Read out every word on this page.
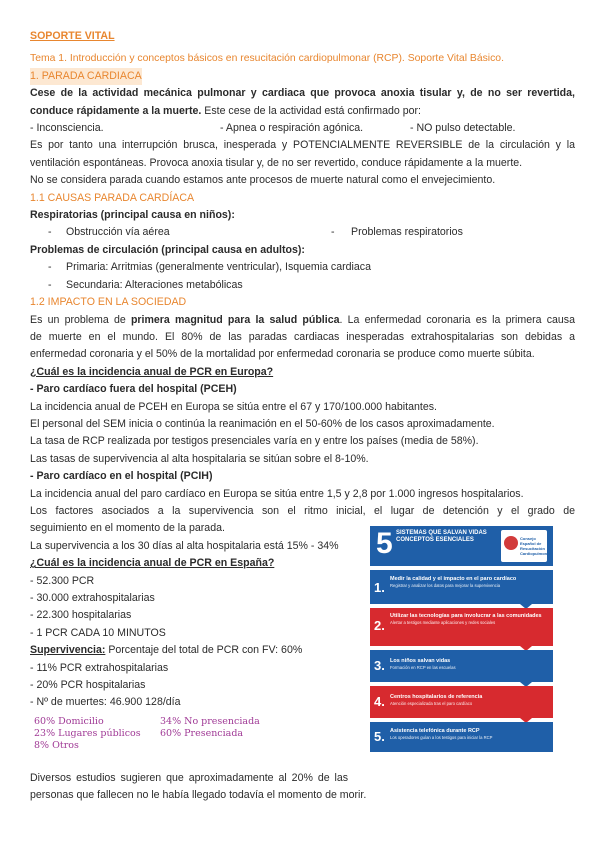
SOPORTE VITAL
Tema 1. Introducción y conceptos básicos en resucitación cardiopulmonar (RCP). Soporte Vital Básico.
1. PARADA CARDIACA
Cese de la actividad mecánica pulmonar y cardiaca que provoca anoxia tisular y, de no ser revertida, conduce rápidamente a la muerte. Este cese de la actividad está confirmado por:
- Inconsciencia.	- Apnea o respiración agónica.	- NO pulso detectable.
Es por tanto una interrupción brusca, inesperada y POTENCIALMENTE REVERSIBLE de la circulación y la
ventilación espontáneas. Provoca anoxia tisular y, de no ser revertido, conduce rápidamente a la muerte.
No se considera parada cuando estamos ante procesos de muerte natural como el envejecimiento.
1.1 CAUSAS PARADA CARDÍACA
Respiratorias (principal causa en niños):
- Obstrucción vía aérea	- Problemas respiratorios
Problemas de circulación (principal causa en adultos):
- Primaria: Arritmias (generalmente ventricular), Isquemia cardiaca
- Secundaria: Alteraciones metabólicas
1.2 IMPACTO EN LA SOCIEDAD
Es un problema de primera magnitud para la salud pública. La enfermedad coronaria es la primera causa
de muerte en el mundo. El 80% de las paradas cardiacas inesperadas extrahospitalarias son debidas a
enfermedad coronaria y el 50% de la mortalidad por enfermedad coronaria se produce como muerte súbita.
¿Cuál es la incidencia anual de PCR en Europa?
- Paro cardíaco fuera del hospital (PCEH)
La incidencia anual de PCEH en Europa se sitúa entre el 67 y 170/100.000 habitantes.
El personal del SEM inicia o continúa la reanimación en el 50-60% de los casos aproximadamente.
La tasa de RCP realizada por testigos presenciales varía en y entre los países (media de 58%).
Las tasas de supervivencia al alta hospitalaria se sitúan sobre el 8-10%.
- Paro cardíaco en el hospital (PCIH)
La incidencia anual del paro cardíaco en Europa se sitúa entre 1,5 y 2,8 por 1.000 ingresos hospitalarios.
Los factores asociados a la supervivencia son el ritmo inicial, el lugar de detención y el grado de
seguimiento en el momento de la parada.
La supervivencia a los 30 días al alta hospitalaria está 15% - 34%
¿Cuál es la incidencia anual de PCR en España?
- 52.300 PCR
- 30.000 extrahospitalarias
- 22.300 hospitalarias
- 1 PCR CADA 10 MINUTOS
Supervivencia: Porcentaje del total de PCR con FV: 60%
- 11% PCR extrahospitalarias
- 20% PCR hospitalarias
- Nº de muertes: 46.900 128/día
60% Domicilio
23% Lugares públicos
8% Otros
34% No presenciada
60% Presenciada
Diversos estudios sugieren que aproximadamente al 20% de las
personas que fallecen no le había llegado todavía el momento de morir.
5 SISTEMAS QUE SALVAN VIDAS CONCEPTOS ESENCIALES	Consejo Español de Resucitación Cardiopulmonar
1.
Medir la calidad y el impacto en el paro cardíaco
Registrar y analizar los datos para mejorar la supervivencia
2.
Utilizar las tecnologías para involucrar a las comunidades
Alertar a testigos mediante aplicaciones y redes sociales
3. Los niños salvan vidas
Formación en RCP en las escuelas
4. Centros hospitalarios de referencia
Atención especializada tras el paro cardíaco
5. Asistencia telefónica durante RCP
Los operadores guían a los testigos para iniciar la RCP
